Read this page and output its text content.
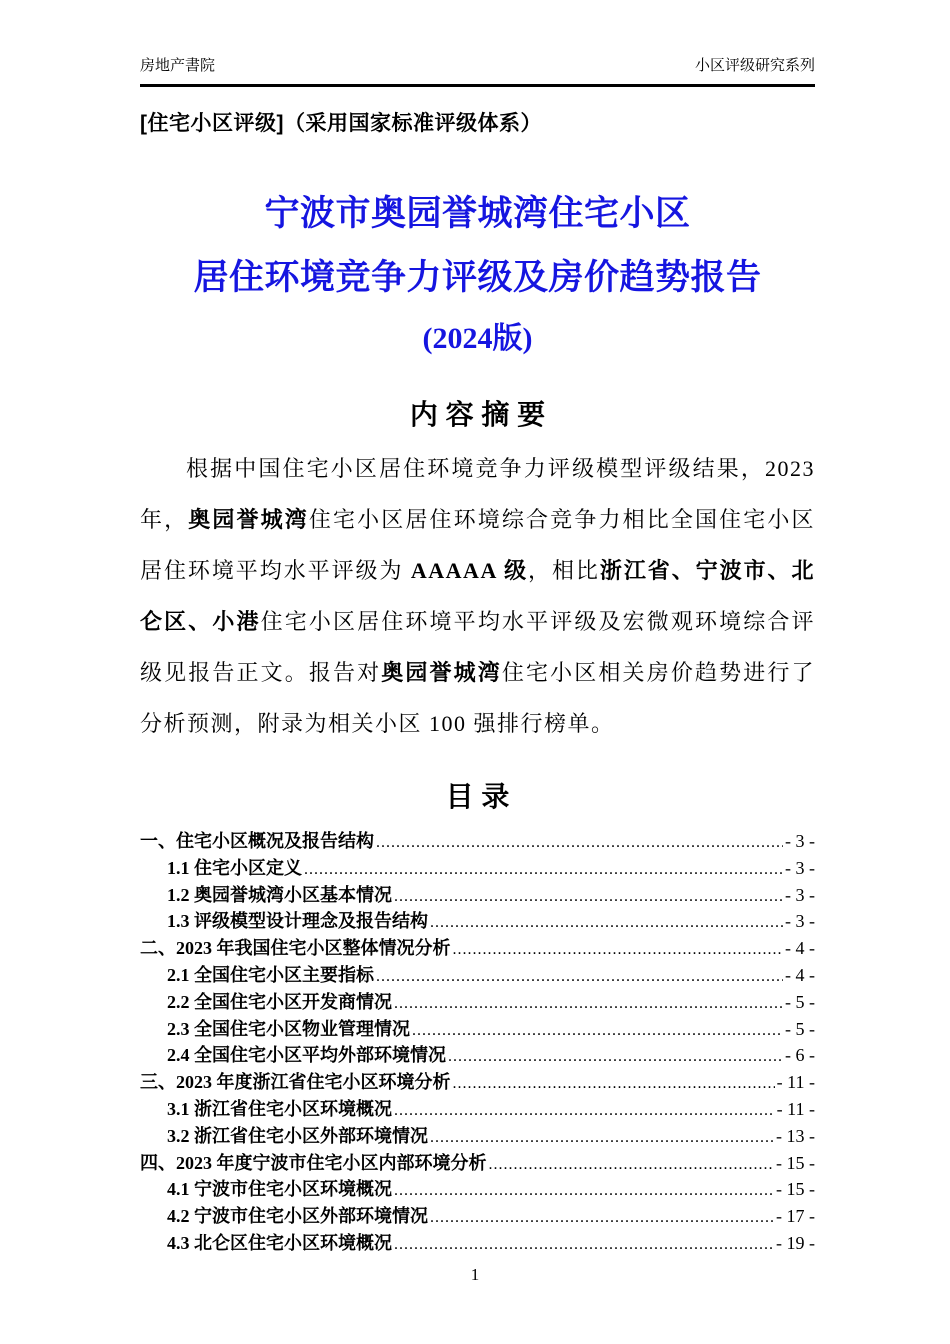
房地产書院	小区评级研究系列
[住宅小区评级]（采用国家标准评级体系）
宁波市奥园誉城湾住宅小区
居住环境竞争力评级及房价趋势报告
(2024版)
内 容 摘 要

根据中国住宅小区居住环境竞争力评级模型评级结果，2023 年，奥园誉城湾住宅小区居住环境综合竞争力相比全国住宅小区居住环境平均水平评级为 AAAAA 级，相比浙江省、宁波市、北仑区、小港住宅小区居住环境平均水平评级及宏微观环境综合评级见报告正文。报告对奥园誉城湾住宅小区相关房价趋势进行了分析预测，附录为相关小区 100 强排行榜单。

目 录
一、住宅小区概况及报告结构 .....	- 3 -
1.1 住宅小区定义 .....	- 3 -
1.2 奥园誉城湾小区基本情况 .....	- 3 -
1.3 评级模型设计理念及报告结构 .....	- 3 -
二、2023 年我国住宅小区整体情况分析 .....	- 4 -
2.1 全国住宅小区主要指标 .....	- 4 -
2.2 全国住宅小区开发商情况 .....	- 5 -
2.3 全国住宅小区物业管理情况 .....	- 5 -
2.4 全国住宅小区平均外部环境情况 .....	- 6 -
三、2023 年度浙江省住宅小区环境分析 .....	- 11 -
3.1 浙江省住宅小区环境概况 .....	- 11 -
3.2 浙江省住宅小区外部环境情况 .....	- 13 -
四、2023 年度宁波市住宅小区内部环境分析 .....	- 15 -
4.1 宁波市住宅小区环境概况 .....	- 15 -
4.2 宁波市住宅小区外部环境情况 .....	- 17 -
4.3 北仑区住宅小区环境概况 .....	- 19 -
1
